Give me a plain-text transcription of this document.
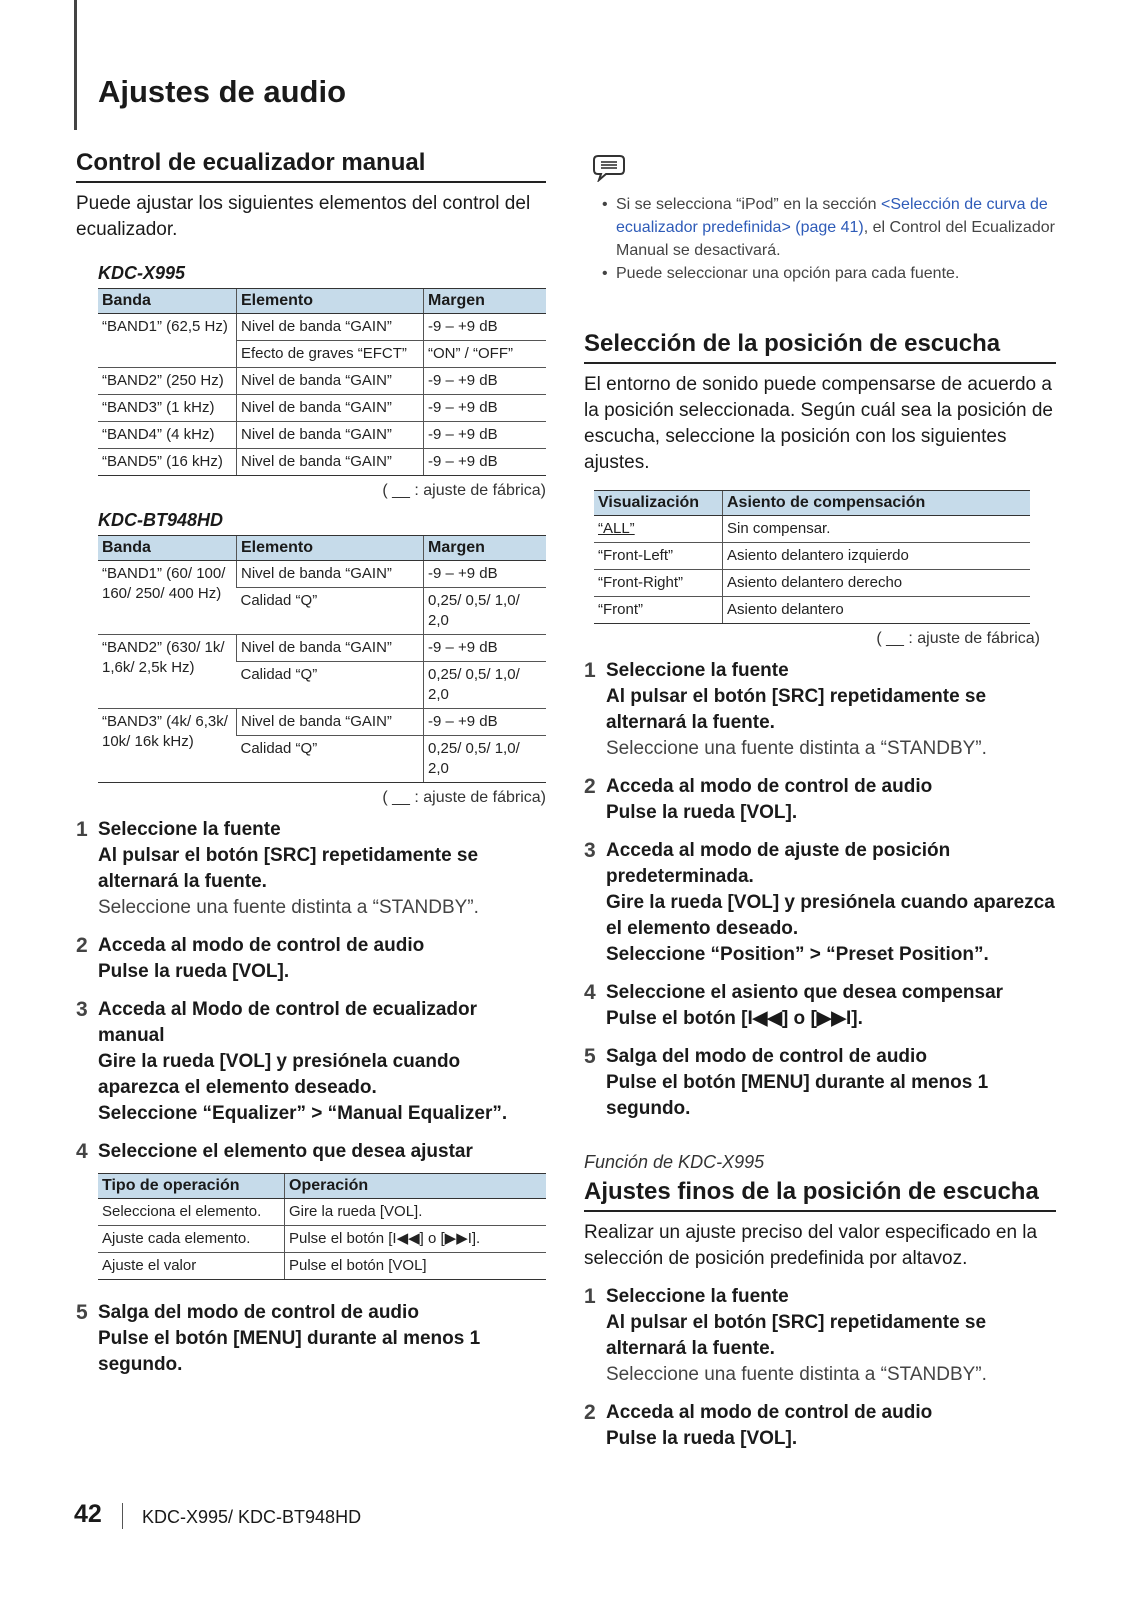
Ajustes de audio
Control de ecualizador manual

Puede ajustar los siguientes elementos del control del ecualizador.

KDC-X995
Banda	Elemento	Margen
“BAND1” (62,5 Hz)	Nivel de banda “GAIN”	-9 – +9 dB
	Efecto de graves “EFCT”	“ON” / “OFF”
“BAND2” (250 Hz)	Nivel de banda “GAIN”	-9 – +9 dB
“BAND3” (1 kHz)	Nivel de banda “GAIN”	-9 – +9 dB
“BAND4” (4 kHz)	Nivel de banda “GAIN”	-9 – +9 dB
“BAND5” (16 kHz)	Nivel de banda “GAIN”	-9 – +9 dB
( __ : ajuste de fábrica)
KDC-BT948HD
Banda	Elemento	Margen
“BAND1” (60/ 100/ 160/ 250/ 400 Hz)	Nivel de banda “GAIN”	-9 – +9 dB
	Calidad “Q”	0,25/ 0,5/ 1,0/ 2,0
“BAND2” (630/ 1k/ 1,6k/ 2,5k Hz)	Nivel de banda “GAIN”	-9 – +9 dB
	Calidad “Q”	0,25/ 0,5/ 1,0/ 2,0
“BAND3” (4k/ 6,3k/ 10k/ 16k kHz)	Nivel de banda “GAIN”	-9 – +9 dB
	Calidad “Q”	0,25/ 0,5/ 1,0/ 2,0
( __ : ajuste de fábrica)
1 Seleccione la fuente
Al pulsar el botón [SRC] repetidamente se alternará la fuente.
Seleccione una fuente distinta a “STANDBY”.
2 Acceda al modo de control de audio
Pulse la rueda [VOL].
3 Acceda al Modo de control de ecualizador manual
Gire la rueda [VOL] y presiónela cuando aparezca el elemento deseado.
Seleccione “Equalizer” > “Manual Equalizer”.
4 Seleccione el elemento que desea ajustar
Tipo de operación	Operación
Selecciona el elemento.	Gire la rueda [VOL].
Ajuste cada elemento.	Pulse el botón [I◀◀] o [▶▶I].
Ajuste el valor	Pulse el botón [VOL]
5 Salga del modo de control de audio
Pulse el botón [MENU] durante al menos 1 segundo.
• Si se selecciona “iPod” en la sección <Selección de curva de ecualizador predefinida> (page 41), el Control del Ecualizador Manual se desactivará.
• Puede seleccionar una opción para cada fuente.
Selección de la posición de escucha

El entorno de sonido puede compensarse de acuerdo a la posición seleccionada. Según cuál sea la posición de escucha, seleccione la posición con los siguientes ajustes.

Visualización	Asiento de compensación
“ALL”	Sin compensar.
“Front-Left”	Asiento delantero izquierdo
“Front-Right”	Asiento delantero derecho
“Front”	Asiento delantero
( __ : ajuste de fábrica)
1 Seleccione la fuente
Al pulsar el botón [SRC] repetidamente se alternará la fuente.
Seleccione una fuente distinta a “STANDBY”.
2 Acceda al modo de control de audio
Pulse la rueda [VOL].
3 Acceda al modo de ajuste de posición predeterminada.
Gire la rueda [VOL] y presiónela cuando aparezca el elemento deseado.
Seleccione “Position” > “Preset Position”.
4 Seleccione el asiento que desea compensar
Pulse el botón [I◀◀] o [▶▶I].
5 Salga del modo de control de audio
Pulse el botón [MENU] durante al menos 1 segundo.
Función de KDC-X995
Ajustes finos de la posición de escucha

Realizar un ajuste preciso del valor especificado en la selección de posición predefinida por altavoz.

1 Seleccione la fuente
Al pulsar el botón [SRC] repetidamente se alternará la fuente.
Seleccione una fuente distinta a “STANDBY”.
2 Acceda al modo de control de audio
Pulse la rueda [VOL].
42 KDC-X995/ KDC-BT948HD
